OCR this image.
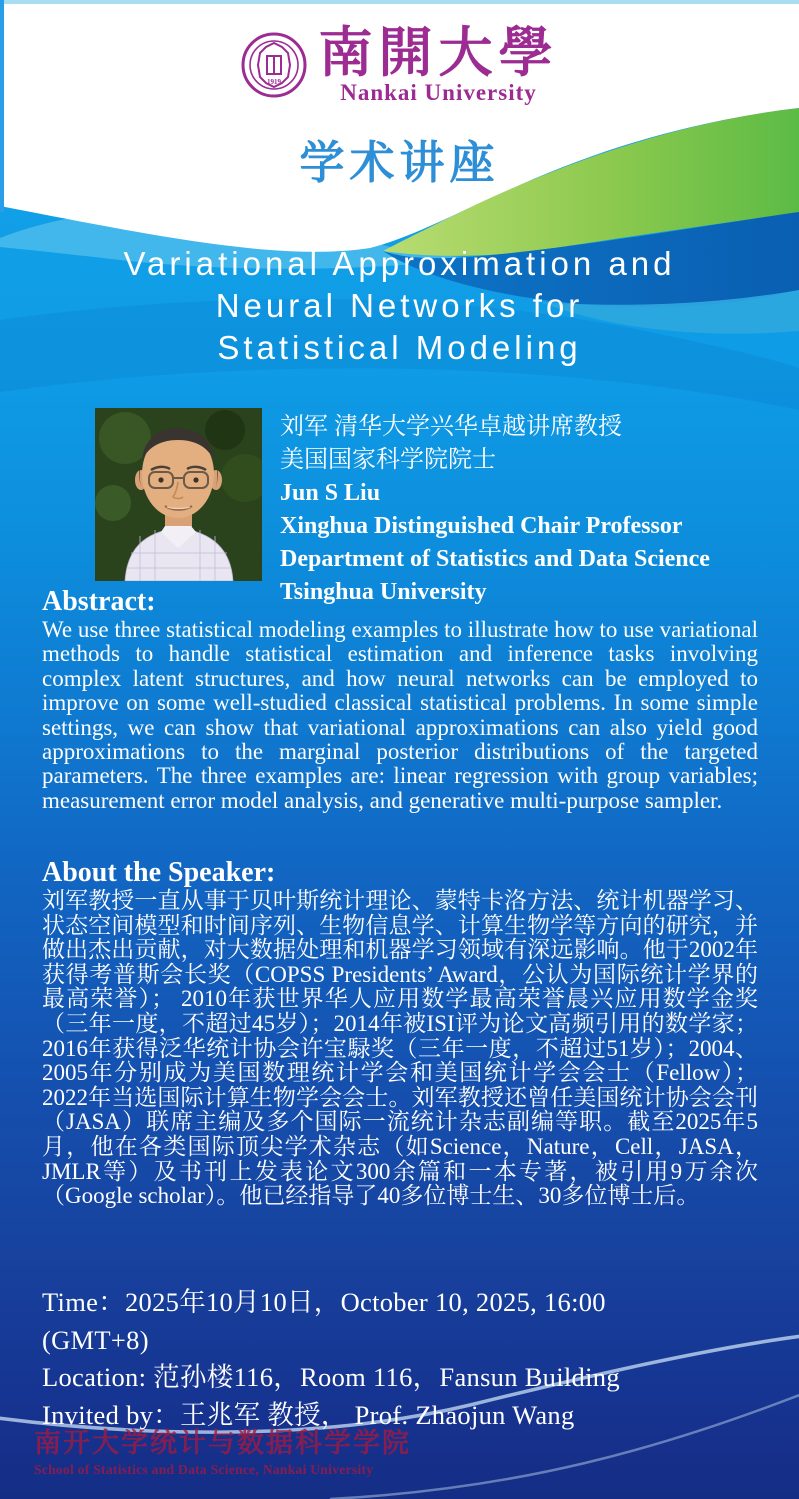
1919 南開大學
Nankai University
学术讲座
Variational Approximation and
Neural Networks for
Statistical Modeling
刘军 清华大学兴华卓越讲席教授
美国国家科学院院士
Jun S Liu
Xinghua Distinguished Chair Professor
Department of Statistics and Data Science
Tsinghua University
Abstract:
We use three statistical modeling examples to illustrate how to use variational methods to handle statistical estimation and inference tasks involving complex latent structures, and how neural networks can be employed to improve on some well-studied classical statistical problems. In some simple settings, we can show that variational approximations can also yield good approximations to the marginal posterior distributions of the targeted parameters. The three examples are: linear regression with group variables; measurement error model analysis, and generative multi-purpose sampler.
About the Speaker:
刘军教授一直从事于贝叶斯统计理论、蒙特卡洛方法、统计机器学习、状态空间模型和时间序列、生物信息学、计算生物学等方向的研究，并做出杰出贡献，对大数据处理和机器学习领域有深远影响。他于2002年获得考普斯会长奖（COPSS Presidents’ Award，公认为国际统计学界的最高荣誉）； 2010年获世界华人应用数学最高荣誉晨兴应用数学金奖（三年一度，不超过45岁）；2014年被ISI评为论文高频引用的数学家；2016年获得泛华统计协会许宝騄奖（三年一度，不超过51岁）；2004、2005年分别成为美国数理统计学会和美国统计学会会士（Fellow）；2022年当选国际计算生物学会会士。刘军教授还曾任美国统计协会会刊（JASA）联席主编及多个国际一流统计杂志副编等职。截至2025年5月，他在各类国际顶尖学术杂志（如Science，Nature，Cell，JASA，JMLR等）及书刊上发表论文300余篇和一本专著，被引用9万余次（Google scholar）。他已经指导了40多位博士生、30多位博士后。
Time：2025年10月10日，October 10, 2025, 16:00
(GMT+8)
Location: 范孙楼116，Room 116，Fansun Building
Invited by：王兆军 教授， Prof. Zhaojun Wang
南开大学统计与数据科学学院
School of Statistics and Data Science, Nankai University
